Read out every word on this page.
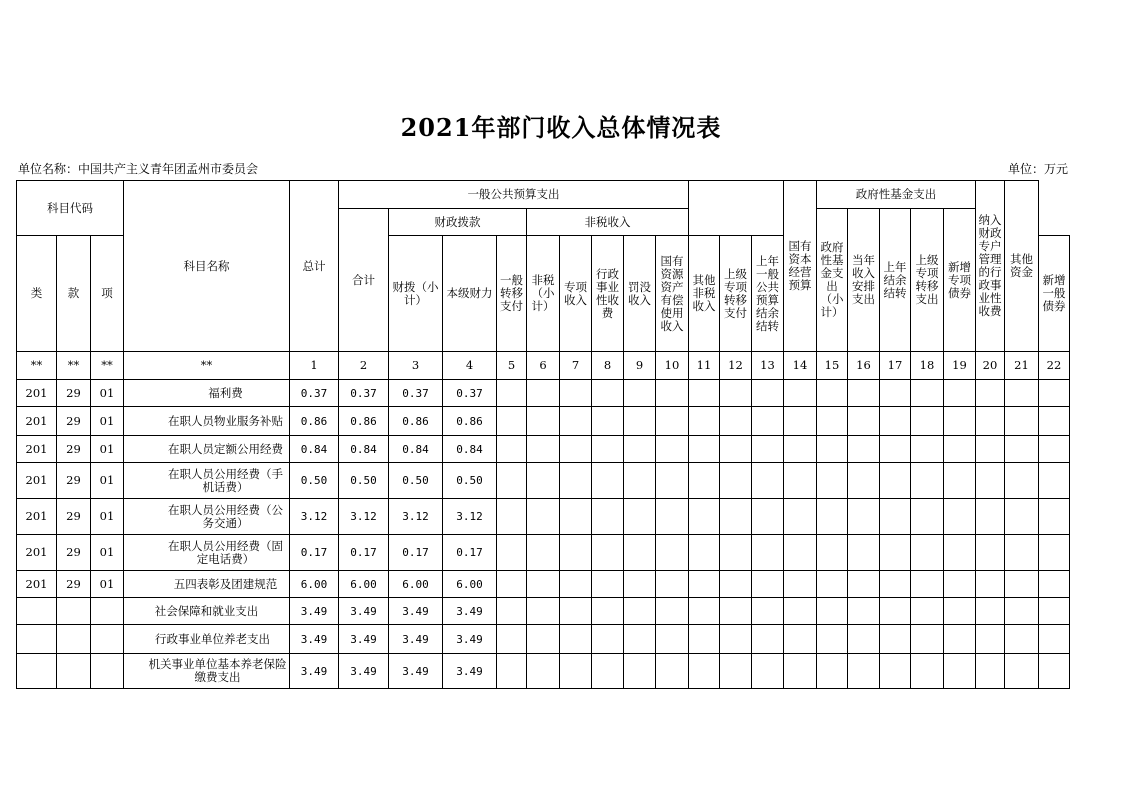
2021年部门收入总体情况表
单位名称：中国共产主义青年团孟州市委员会	单位：万元
科目代码			科目名称	总计	一般公共预算支出												国有资本经营预算	政府性基金支出					纳入财政专户管理的行政事业性收费	其他资金	
					合计	财政拨款			非税收入									政府性基金支出（小计）	当年收入安排支出	上年结余结转	上级专项转移支出	新增专项债券			
类	款	项				财拨（小计）	本级财力	一般转移支付	非税（小计）	专项收入	行政事业性收费	罚没收入	国有资源资产有偿使用收入	其他非税收入	上级专项转移支付	上年一般公共预算结余结转									新增一般债券
**	**	**	**	1	2	3	4	5	6	7	8	9	10	11	12	13	14	15	16	17	18	19	20	21	22
201	29	01	福利费	0.37	0.37	0.37	0.37																		
201	29	01	在职人员物业服务补贴	0.86	0.86	0.86	0.86																		
201	29	01	在职人员定额公用经费	0.84	0.84	0.84	0.84																		
201	29	01	在职人员公用经费（手机话费）	0.50	0.50	0.50	0.50																		
201	29	01	在职人员公用经费（公务交通）	3.12	3.12	3.12	3.12																		
201	29	01	在职人员公用经费（固定电话费）	0.17	0.17	0.17	0.17																		
201	29	01	五四表彰及团建规范	6.00	6.00	6.00	6.00																		
			社会保障和就业支出	3.49	3.49	3.49	3.49																		
			行政事业单位养老支出	3.49	3.49	3.49	3.49																		
			机关事业单位基本养老保险缴费支出	3.49	3.49	3.49	3.49																		
